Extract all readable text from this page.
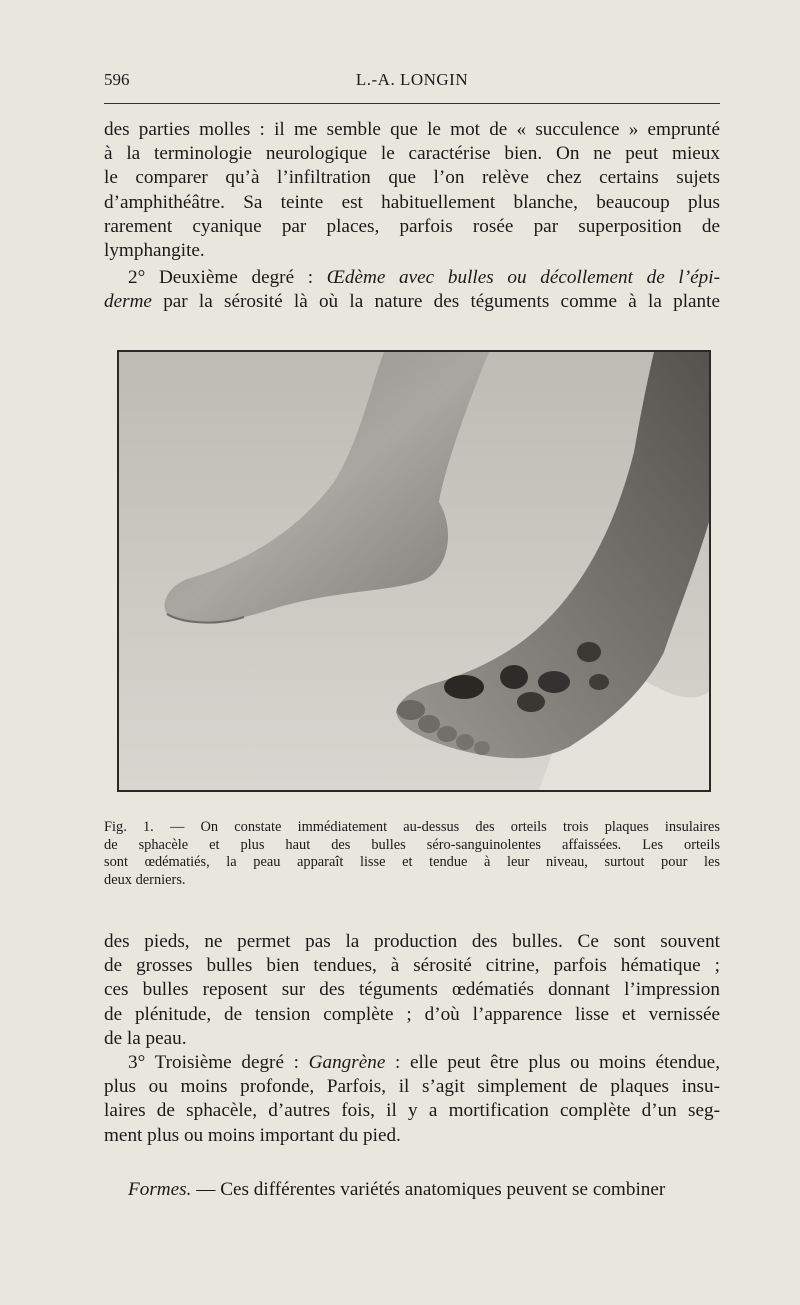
596	L.-A. LONGIN
des parties molles : il me semble que le mot de « succulence » emprunté
à la terminologie neurologique le caractérise bien. On ne peut mieux
le comparer qu’à l’infiltration que l’on relève chez certains sujets
d’amphithéâtre. Sa teinte est habituellement blanche, beaucoup plus
rarement cyanique par places, parfois rosée par superposition de
lymphangite.
2° Deuxième degré : Œdème avec bulles ou décollement de l’épi-
derme par la sérosité là où la nature des téguments comme à la plante
Fig. 1. — On constate immédiatement au-dessus des orteils trois plaques insulaires
de sphacèle et plus haut des bulles séro-sanguinolentes affaissées. Les orteils
sont œdématiés, la peau apparaît lisse et tendue à leur niveau, surtout pour les
deux derniers.
des pieds, ne permet pas la production des bulles. Ce sont souvent
de grosses bulles bien tendues, à sérosité citrine, parfois hématique ;
ces bulles reposent sur des téguments œdématiés donnant l’impression
de plénitude, de tension complète ; d’où l’apparence lisse et vernissée
de la peau.
3° Troisième degré : Gangrène : elle peut être plus ou moins étendue,
plus ou moins profonde, Parfois, il s’agit simplement de plaques insu-
laires de sphacèle, d’autres fois, il y a mortification complète d’un seg-
ment plus ou moins important du pied.
Formes. — Ces différentes variétés anatomiques peuvent se combiner
